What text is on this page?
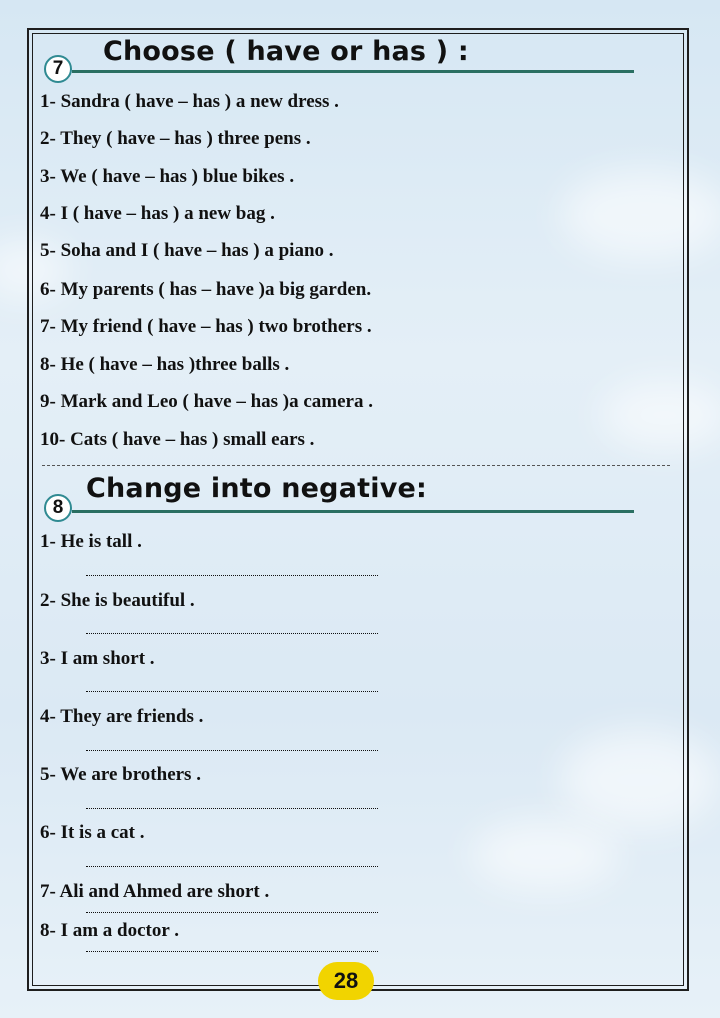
7
Choose ( have or has ) :
1- Sandra ( have – has ) a new dress .
2- They ( have – has ) three pens .
3- We ( have – has ) blue bikes .
4- I ( have – has ) a new bag .
5- Soha and I ( have – has ) a piano .
6- My parents ( has – have )a big garden.
7- My friend ( have – has ) two brothers .
8- He ( have – has )three balls .
9- Mark and Leo ( have – has )a camera .
10- Cats ( have – has ) small ears .
8
Change into negative:
1- He is tall .
2- She is beautiful .
3- I am short .
4- They are friends .
5- We are brothers .
6- It is a cat .
7- Ali and Ahmed are short .
8- I am a doctor .
28
